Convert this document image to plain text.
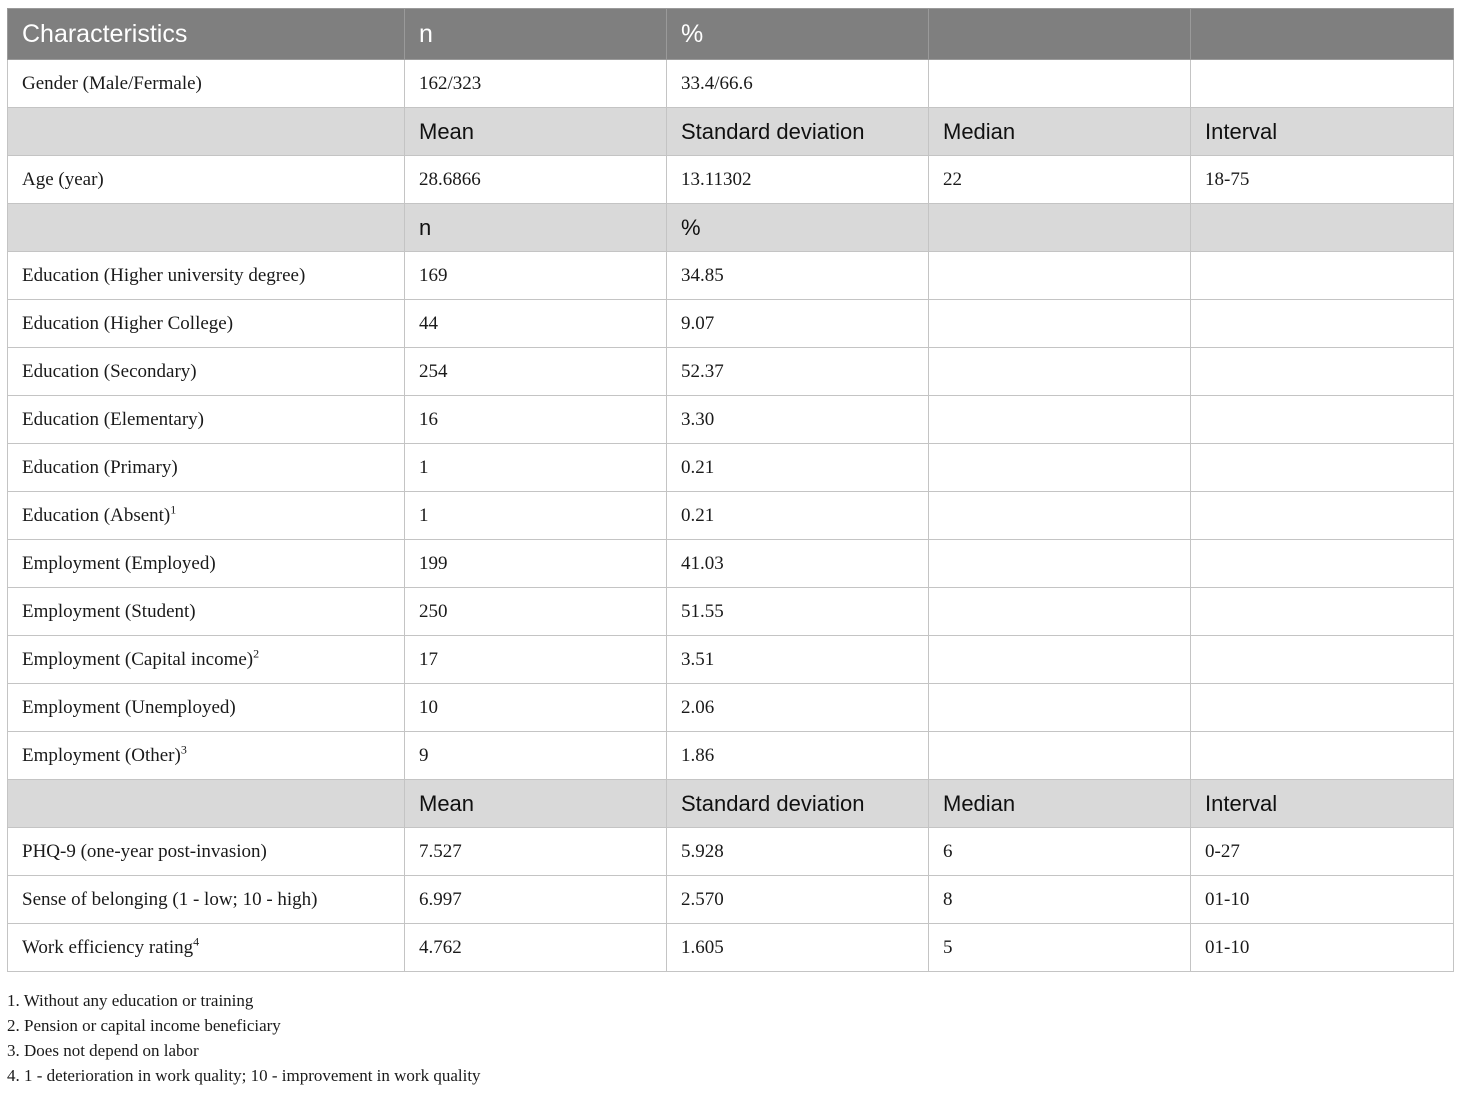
Characteristics	n	%		
Gender (Male/Fermale)	162/323	33.4/66.6		
	Mean	Standard deviation	Median	Interval
Age (year)	28.6866	13.11302	22	18-75
	n	%		
Education (Higher university degree)	169	34.85		
Education (Higher College)	44	9.07		
Education (Secondary)	254	52.37		
Education (Elementary)	16	3.30		
Education (Primary)	1	0.21		
Education (Absent)$^1$	1	0.21		
Employment (Employed)	199	41.03		
Employment (Student)	250	51.55		
Employment (Capital income)$^2$	17	3.51		
Employment (Unemployed)	10	2.06		
Employment (Other)$^3$	9	1.86		
	Mean	Standard deviation	Median	Interval
PHQ-9 (one-year post-invasion)	7.527	5.928	6	0-27
Sense of belonging (1 - low; 10 - high)	6.997	2.570	8	01-10
Work efficiency rating$^4$	4.762	1.605	5	01-10
1. Without any education or training
2. Pension or capital income beneficiary
3. Does not depend on labor
4. 1 - deterioration in work quality; 10 - improvement in work quality
